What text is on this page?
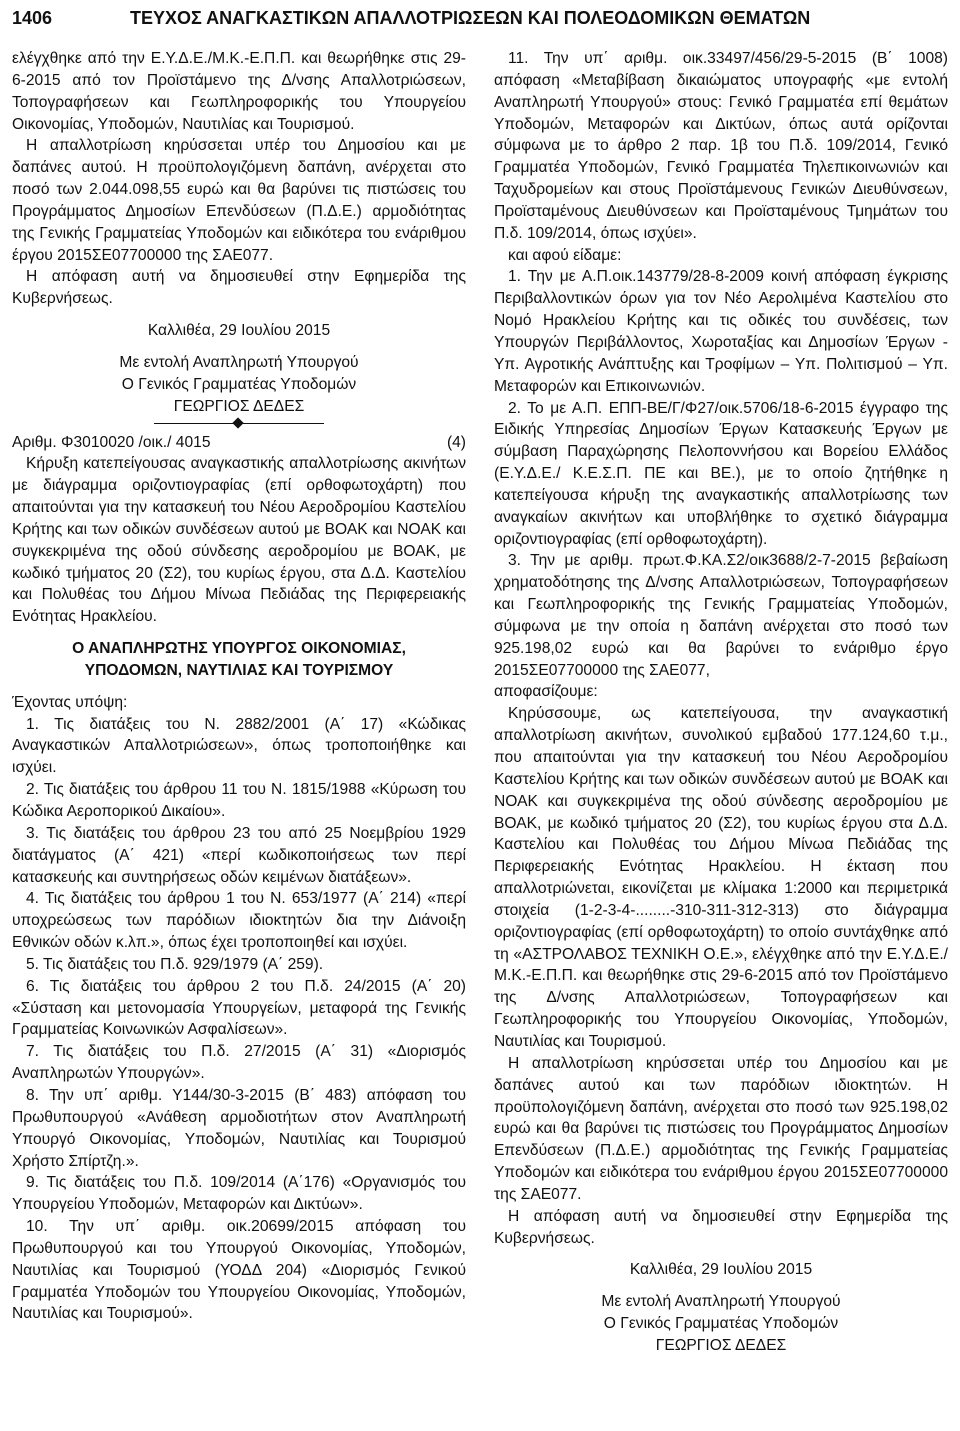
1406	ΤΕΥΧΟΣ ΑΝΑΓΚΑΣΤΙΚΩΝ ΑΠΑΛΛΟΤΡΙΩΣΕΩΝ ΚΑΙ ΠΟΛΕΟΔΟΜΙΚΩΝ ΘΕΜΑΤΩΝ

ελέγχθηκε από την Ε.Υ.Δ.Ε./Μ.Κ.-Ε.Π.Π. και θεωρήθηκε στις 29-6-2015 από τον Προϊστάμενο της Δ/νσης Απαλλοτριώσεων, Τοπογραφήσεων και Γεωπληροφορικής του Υπουργείου Οικονομίας, Υποδομών, Ναυτιλίας και Τουρισμού.

Η απαλλοτρίωση κηρύσσεται υπέρ του Δημοσίου και με δαπάνες αυτού. Η προϋπολογιζόμενη δαπάνη, ανέρχεται στο ποσό των 2.044.098,55 ευρώ και θα βαρύνει τις πιστώσεις του Προγράμματος Δημοσίων Επενδύσεων (Π.Δ.Ε.) αρμοδιότητας της Γενικής Γραμματείας Υποδομών και ειδικότερα του ενάριθμου έργου 2015ΣΕ07700000 της ΣΑΕ077.

Η απόφαση αυτή να δημοσιευθεί στην Εφημερίδα της Κυβερνήσεως.

Καλλιθέα, 29 Ιουλίου 2015

Με εντολή Αναπληρωτή Υπουργού

Ο Γενικός Γραμματέας Υποδομών

ΓΕΩΡΓΙΟΣ ΔΕΔΕΣ

Αριθμ. Φ3010020 /οικ./ 4015	(4)

Κήρυξη κατεπείγουσας αναγκαστικής απαλλοτρίωσης ακινήτων με διάγραμμα οριζοντιογραφίας (επί ορθοφωτοχάρτη) που απαιτούνται για την κατασκευή του Νέου Αεροδρομίου Καστελίου Κρήτης και των οδικών συνδέσεων αυτού με ΒΟΑΚ και ΝΟΑΚ και συγκεκριμένα της οδού σύνδεσης αεροδρομίου με ΒΟΑΚ, με κωδικό τμήματος 20 (Σ2), του κυρίως έργου, στα Δ.Δ. Καστελίου και Πολυθέας του Δήμου Μίνωα Πεδιάδας της Περιφερειακής Ενότητας Ηρακλείου.

Ο ΑΝΑΠΛΗΡΩΤΗΣ ΥΠΟΥΡΓΟΣ ΟΙΚΟΝΟΜΙΑΣ,

ΥΠΟΔΟΜΩΝ, ΝΑΥΤΙΛΙΑΣ ΚΑΙ ΤΟΥΡΙΣΜΟΥ

Έχοντας υπόψη:

1. Τις διατάξεις του Ν. 2882/2001 (Α΄ 17) «Κώδικας Αναγκαστικών Απαλλοτριώσεων», όπως τροποποιήθηκε και ισχύει.

2. Τις διατάξεις του άρθρου 11 του Ν. 1815/1988 «Κύρωση του Κώδικα Αεροπορικού Δικαίου».

3. Τις διατάξεις του άρθρου 23 του από 25 Νοεμβρίου 1929 διατάγματος (Α΄ 421) «περί κωδικοποιήσεως των περί κατασκευής και συντηρήσεως οδών κειμένων διατάξεων».

4. Τις διατάξεις του άρθρου 1 του Ν. 653/1977 (Α΄ 214) «περί υποχρεώσεως των παρόδιων ιδιοκτητών δια την Διάνοιξη Εθνικών οδών κ.λπ.», όπως έχει τροποποιηθεί και ισχύει.

5. Τις διατάξεις του Π.δ. 929/1979 (Α΄ 259).

6. Τις διατάξεις του άρθρου 2 του Π.δ. 24/2015 (Α΄ 20) «Σύσταση και μετονομασία Υπουργείων, μεταφορά της Γενικής Γραμματείας Κοινωνικών Ασφαλίσεων».

7. Τις διατάξεις του Π.δ. 27/2015 (Α΄ 31) «Διορισμός Αναπληρωτών Υπουργών».

8. Την υπ΄ αριθμ. Υ144/30-3-2015 (Β΄ 483) απόφαση του Πρωθυπουργού «Ανάθεση αρμοδιοτήτων στον Αναπληρωτή Υπουργό Οικονομίας, Υποδομών, Ναυτιλίας και Τουρισμού Χρήστο Σπίρτζη.».

9. Τις διατάξεις του Π.δ. 109/2014 (Α΄176) «Οργανισμός του Υπουργείου Υποδομών, Μεταφορών και Δικτύων».

10. Την υπ΄ αριθμ. οικ.20699/2015 απόφαση του Πρωθυπουργού και του Υπουργού Οικονομίας, Υποδομών, Ναυτιλίας και Τουρισμού (ΥΟΔΔ 204) «Διορισμός Γενικού Γραμματέα Υποδομών του Υπουργείου Οικονομίας, Υποδομών, Ναυτιλίας και Τουρισμού».

11. Την υπ΄ αριθμ. οικ.33497/456/29-5-2015 (Β΄ 1008) απόφαση «Μεταβίβαση δικαιώματος υπογραφής «με εντολή Αναπληρωτή Υπουργού» στους: Γενικό Γραμματέα επί θεμάτων Υποδομών, Μεταφορών και Δικτύων, όπως αυτά ορίζονται σύμφωνα με το άρθρο 2 παρ. 1β του Π.δ. 109/2014, Γενικό Γραμματέα Υποδομών, Γενικό Γραμματέα Τηλεπικοινωνιών και Ταχυδρομείων και στους Προϊστάμενους Γενικών Διευθύνσεων, Προϊσταμένους Διευθύνσεων και Προϊσταμένους Τμημάτων του Π.δ. 109/2014, όπως ισχύει».

και αφού είδαμε:

1. Την με Α.Π.οικ.143779/28-8-2009 κοινή απόφαση έγκρισης Περιβαλλοντικών όρων για τον Νέο Αερολιμένα Καστελίου στο Νομό Ηρακλείου Κρήτης και τις οδικές του συνδέσεις, των Υπουργών Περιβάλλοντος, Χωροταξίας και Δημοσίων Έργων - Υπ. Αγροτικής Ανάπτυξης και Τροφίμων – Υπ. Πολιτισμού – Υπ. Μεταφορών και Επικοινωνιών.

2. Το με Α.Π. ΕΠΠ-ΒΕ/Γ/Φ27/οικ.5706/18-6-2015 έγγραφο της Ειδικής Υπηρεσίας Δημοσίων Έργων Κατασκευής Έργων με σύμβαση Παραχώρησης Πελοποννήσου και Βορείου Ελλάδος (Ε.Υ.Δ.Ε./ Κ.Ε.Σ.Π. ΠΕ και ΒΕ.), με το οποίο ζητήθηκε η κατεπείγουσα κήρυξη της αναγκαστικής απαλλοτρίωσης των αναγκαίων ακινήτων και υποβλήθηκε το σχετικό διάγραμμα οριζοντιογραφίας (επί ορθοφωτοχάρτη).

3. Την με αριθμ. πρωτ.Φ.ΚΑ.Σ2/οικ3688/2-7-2015 βεβαίωση χρηματοδότησης της Δ/νσης Απαλλοτριώσεων, Τοπογραφήσεων και Γεωπληροφορικής της Γενικής Γραμματείας Υποδομών, σύμφωνα με την οποία η δαπάνη ανέρχεται στο ποσό των 925.198,02 ευρώ και θα βαρύνει το ενάριθμο έργο 2015ΣΕ07700000 της ΣΑΕ077,

αποφασίζουμε:

Κηρύσσουμε, ως κατεπείγουσα, την αναγκαστική απαλλοτρίωση ακινήτων, συνολικού εμβαδού 177.124,60 τ.μ., που απαιτούνται για την κατασκευή του Νέου Αεροδρομίου Καστελίου Κρήτης και των οδικών συνδέσεων αυτού με ΒΟΑΚ και ΝΟΑΚ και συγκεκριμένα της οδού σύνδεσης αεροδρομίου με ΒΟΑΚ, με κωδικό τμήματος 20 (Σ2), του κυρίως έργου στα Δ.Δ. Καστελίου και Πολυθέας του Δήμου Μίνωα Πεδιάδας της Περιφερειακής Ενότητας Ηρακλείου. Η έκταση που απαλλοτριώνεται, εικονίζεται με κλίμακα 1:2000 και περιμετρικά στοιχεία (1-2-3-4-........-310-311-312-313) στο διάγραμμα οριζοντιογραφίας (επί ορθοφωτοχάρτη) το οποίο συντάχθηκε από τη «ΑΣΤΡΟΛΑΒΟΣ ΤΕΧΝΙΚΗ Ο.Ε.», ελέγχθηκε από την Ε.Υ.Δ.Ε./Μ.Κ.-Ε.Π.Π. και θεωρήθηκε στις 29-6-2015 από τον Προϊστάμενο της Δ/νσης Απαλλοτριώσεων, Τοπογραφήσεων και Γεωπληροφορικής του Υπουργείου Οικονομίας, Υποδομών, Ναυτιλίας και Τουρισμού.

Η απαλλοτρίωση κηρύσσεται υπέρ του Δημοσίου και με δαπάνες αυτού και των παρόδιων ιδιοκτητών. Η προϋπολογιζόμενη δαπάνη, ανέρχεται στο ποσό των 925.198,02 ευρώ και θα βαρύνει τις πιστώσεις του Προγράμματος Δημοσίων Επενδύσεων (Π.Δ.Ε.) αρμοδιότητας της Γενικής Γραμματείας Υποδομών και ειδικότερα του ενάριθμου έργου 2015ΣΕ07700000 της ΣΑΕ077.

Η απόφαση αυτή να δημοσιευθεί στην Εφημερίδα της Κυβερνήσεως.

Καλλιθέα, 29 Ιουλίου 2015

Με εντολή Αναπληρωτή Υπουργού

Ο Γενικός Γραμματέας Υποδομών

ΓΕΩΡΓΙΟΣ ΔΕΔΕΣ
